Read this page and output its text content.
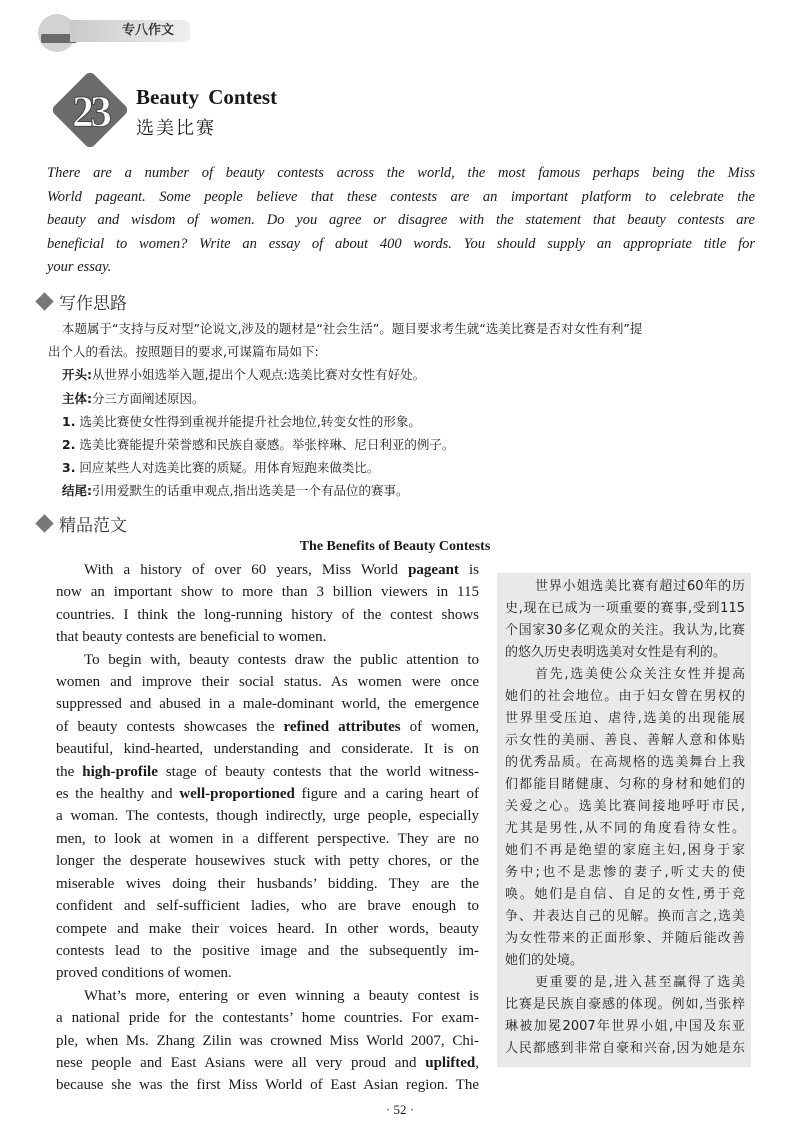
专八作文
23	Beauty Contest
选美比赛
There are a number of beauty contests across the world, the most famous perhaps being the Miss
World pageant. Some people believe that these contests are an important platform to celebrate the
beauty and wisdom of women. Do you agree or disagree with the statement that beauty contests are
beneficial to women? Write an essay of about 400 words. You should supply an appropriate title for
your essay.
写作思路
本题属于“支持与反对型”论说文,涉及的题材是“社会生活”。题目要求考生就“选美比赛是否对女性有利”提
出个人的看法。按照题目的要求,可谋篇布局如下:
开头:从世界小姐选举入题,提出个人观点:选美比赛对女性有好处。
主体:分三方面阐述原因。
1. 选美比赛使女性得到重视并能提升社会地位,转变女性的形象。
2. 选美比赛能提升荣誉感和民族自豪感。举张梓琳、尼日利亚的例子。
3. 回应某些人对选美比赛的质疑。用体育短跑来做类比。
结尾:引用爱默生的话重申观点,指出选美是一个有品位的赛事。
精品范文
The Benefits of Beauty Contests
With a history of over 60 years, Miss World pageant is
now an important show to more than 3 billion viewers in 115
countries. I think the long-running history of the contest shows
that beauty contests are beneficial to women.
To begin with, beauty contests draw the public attention to
women and improve their social status. As women were once
suppressed and abused in a male-dominant world, the emergence
of beauty contests showcases the refined attributes of women,
beautiful, kind-hearted, understanding and considerate. It is on
the high-profile stage of beauty contests that the world witness-
es the healthy and well-proportioned figure and a caring heart of
a woman. The contests, though indirectly, urge people, especially
men, to look at women in a different perspective. They are no
longer the desperate housewives stuck with petty chores, or the
miserable wives doing their husbands’ bidding. They are the
confident and self-sufficient ladies, who are brave enough to
compete and make their voices heard. In other words, beauty
contests lead to the positive image and the subsequently im-
proved conditions of women.
What’s more, entering or even winning a beauty contest is
a national pride for the contestants’ home countries. For exam-
ple, when Ms. Zhang Zilin was crowned Miss World 2007, Chi-
nese people and East Asians were all very proud and uplifted,
because she was the first Miss World of East Asian region. The
世界小姐选美比赛有超过60年的历
史,现在已成为一项重要的赛事,受到115
个国家30多亿观众的关注。我认为,比赛
的悠久历史表明选美对女性是有利的。
首先,选美使公众关注女性并提高
她们的社会地位。由于妇女曾在男权的
世界里受压迫、虐待,选美的出现能展
示女性的美丽、善良、善解人意和体贴
的优秀品质。在高规格的选美舞台上我
们都能目睹健康、匀称的身材和她们的
关爱之心。选美比赛间接地呼吁市民,
尤其是男性,从不同的角度看待女性。
她们不再是绝望的家庭主妇,困身于家
务中;也不是悲惨的妻子,听丈夫的使
唤。她们是自信、自足的女性,勇于竞
争、并表达自己的见解。换而言之,选美
为女性带来的正面形象、并随后能改善
她们的处境。
更重要的是,进入甚至赢得了选美
比赛是民族自豪感的体现。例如,当张梓
琳被加冕2007年世界小姐,中国及东亚
人民都感到非常自豪和兴奋,因为她是东
· 52 ·
